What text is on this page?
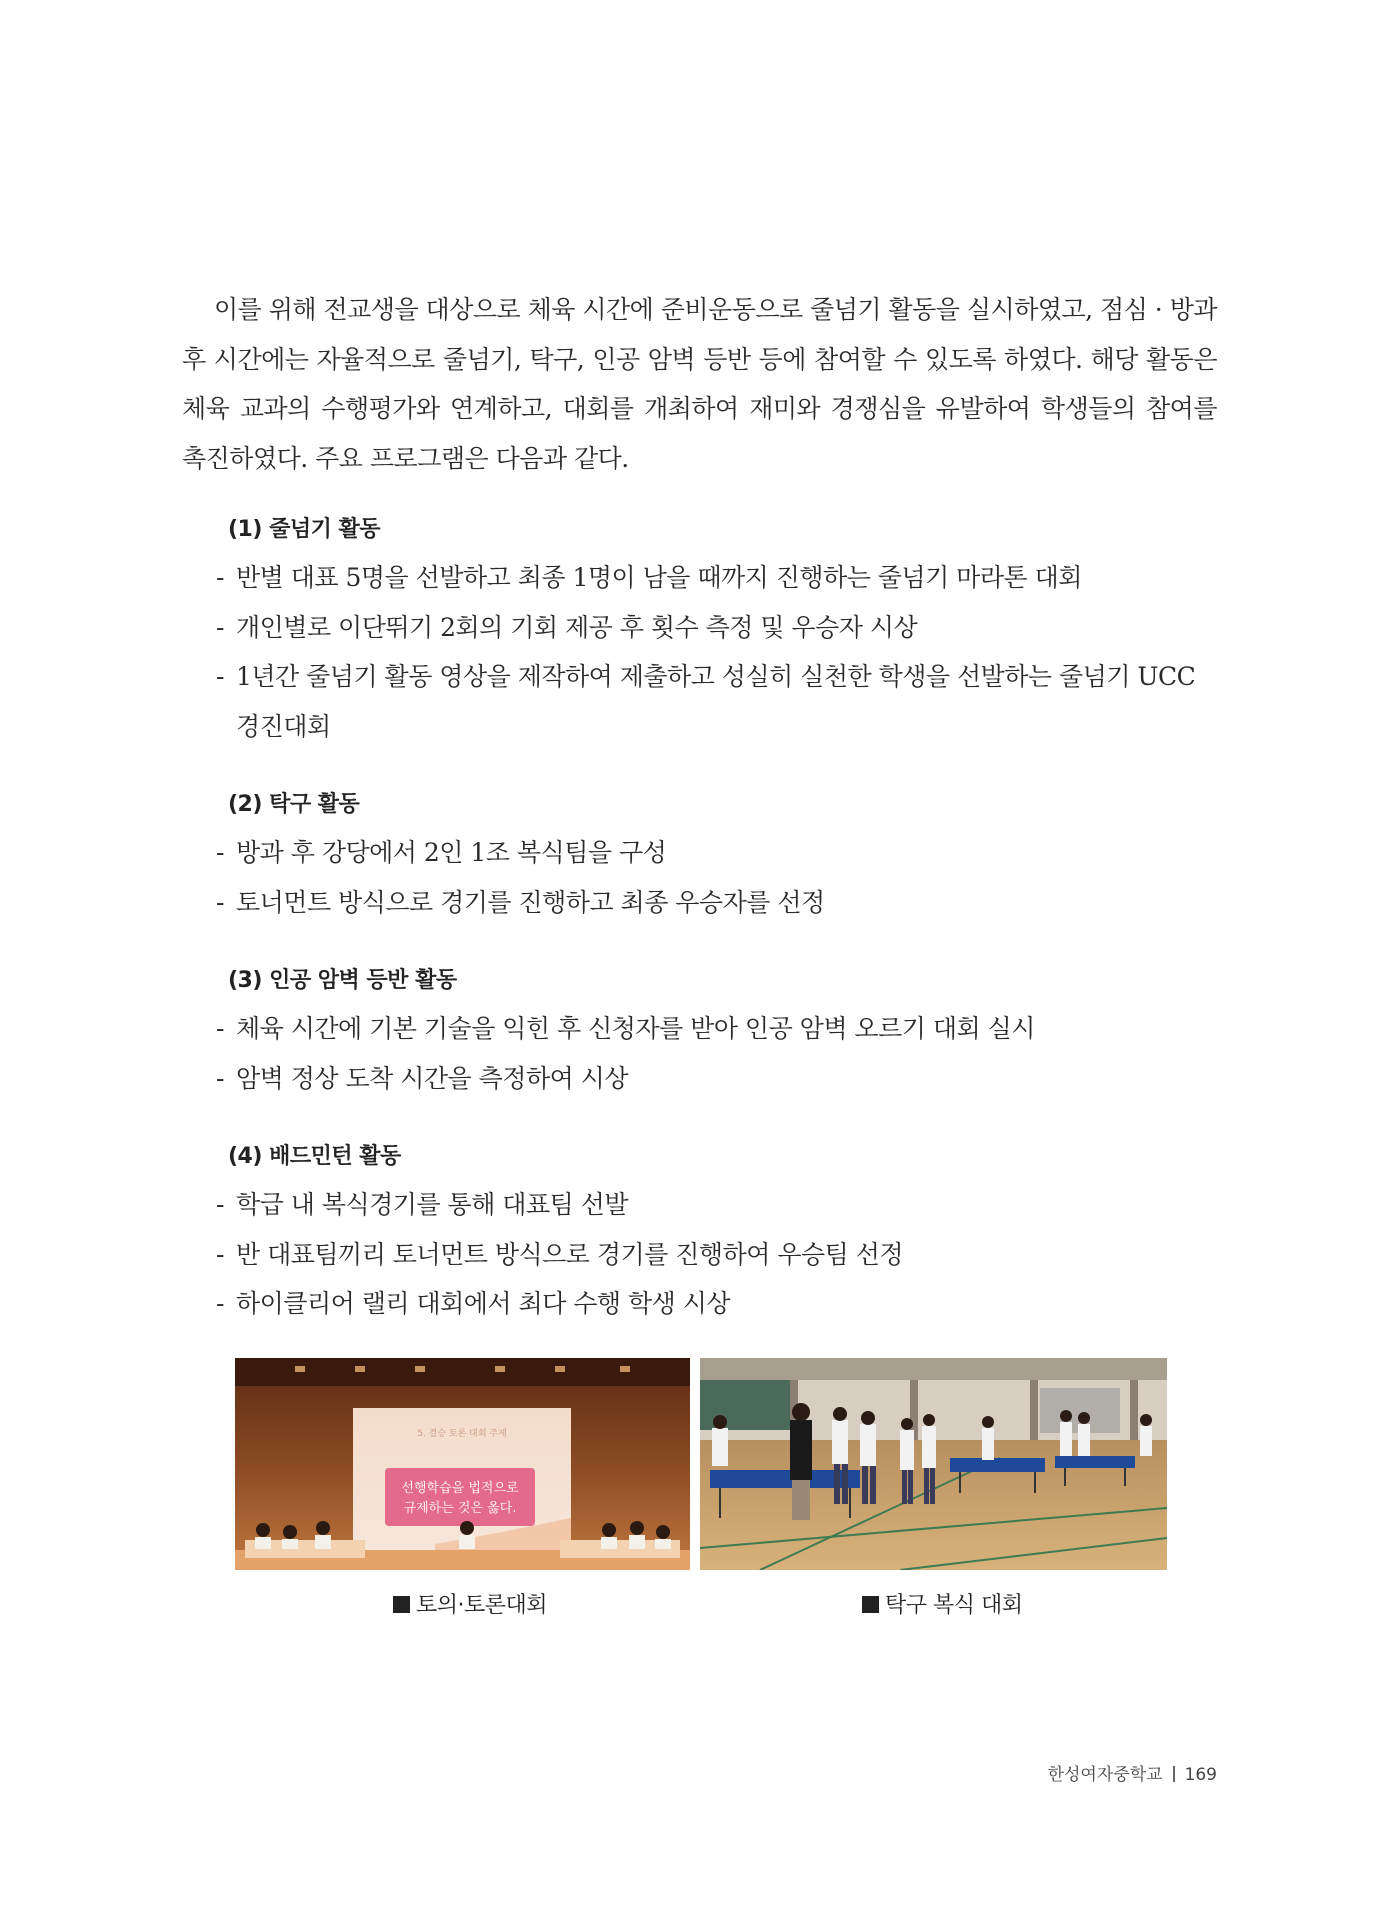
이를 위해 전교생을 대상으로 체육 시간에 준비운동으로 줄넘기 활동을 실시하였고, 점심 · 방과후 시간에는 자율적으로 줄넘기, 탁구, 인공 암벽 등반 등에 참여할 수 있도록 하였다. 해당 활동은 체육 교과의 수행평가와 연계하고, 대회를 개최하여 재미와 경쟁심을 유발하여 학생들의 참여를 촉진하였다. 주요 프로그램은 다음과 같다.

(1) 줄넘기 활동
- 반별 대표 5명을 선발하고 최종 1명이 남을 때까지 진행하는 줄넘기 마라톤 대회
- 개인별로 이단뛰기 2회의 기회 제공 후 횟수 측정 및 우승자 시상
- 1년간 줄넘기 활동 영상을 제작하여 제출하고 성실히 실천한 학생을 선발하는 줄넘기 UCC 경진대회
(2) 탁구 활동
- 방과 후 강당에서 2인 1조 복식팀을 구성
- 토너먼트 방식으로 경기를 진행하고 최종 우승자를 선정
(3) 인공 암벽 등반 활동
- 체육 시간에 기본 기술을 익힌 후 신청자를 받아 인공 암벽 오르기 대회 실시
- 암벽 정상 도착 시간을 측정하여 시상
(4) 배드민턴 활동
- 학급 내 복식경기를 통해 대표팀 선발
- 반 대표팀끼리 토너먼트 방식으로 경기를 진행하여 우승팀 선정
- 하이클리어 랠리 대회에서 최다 수행 학생 시상
5. 결승 토론 대회 주제
선행학습을 법적으로
규제하는 것은 옳다.
토의·토론대회	탁구 복식 대회
한성여자중학교 169
